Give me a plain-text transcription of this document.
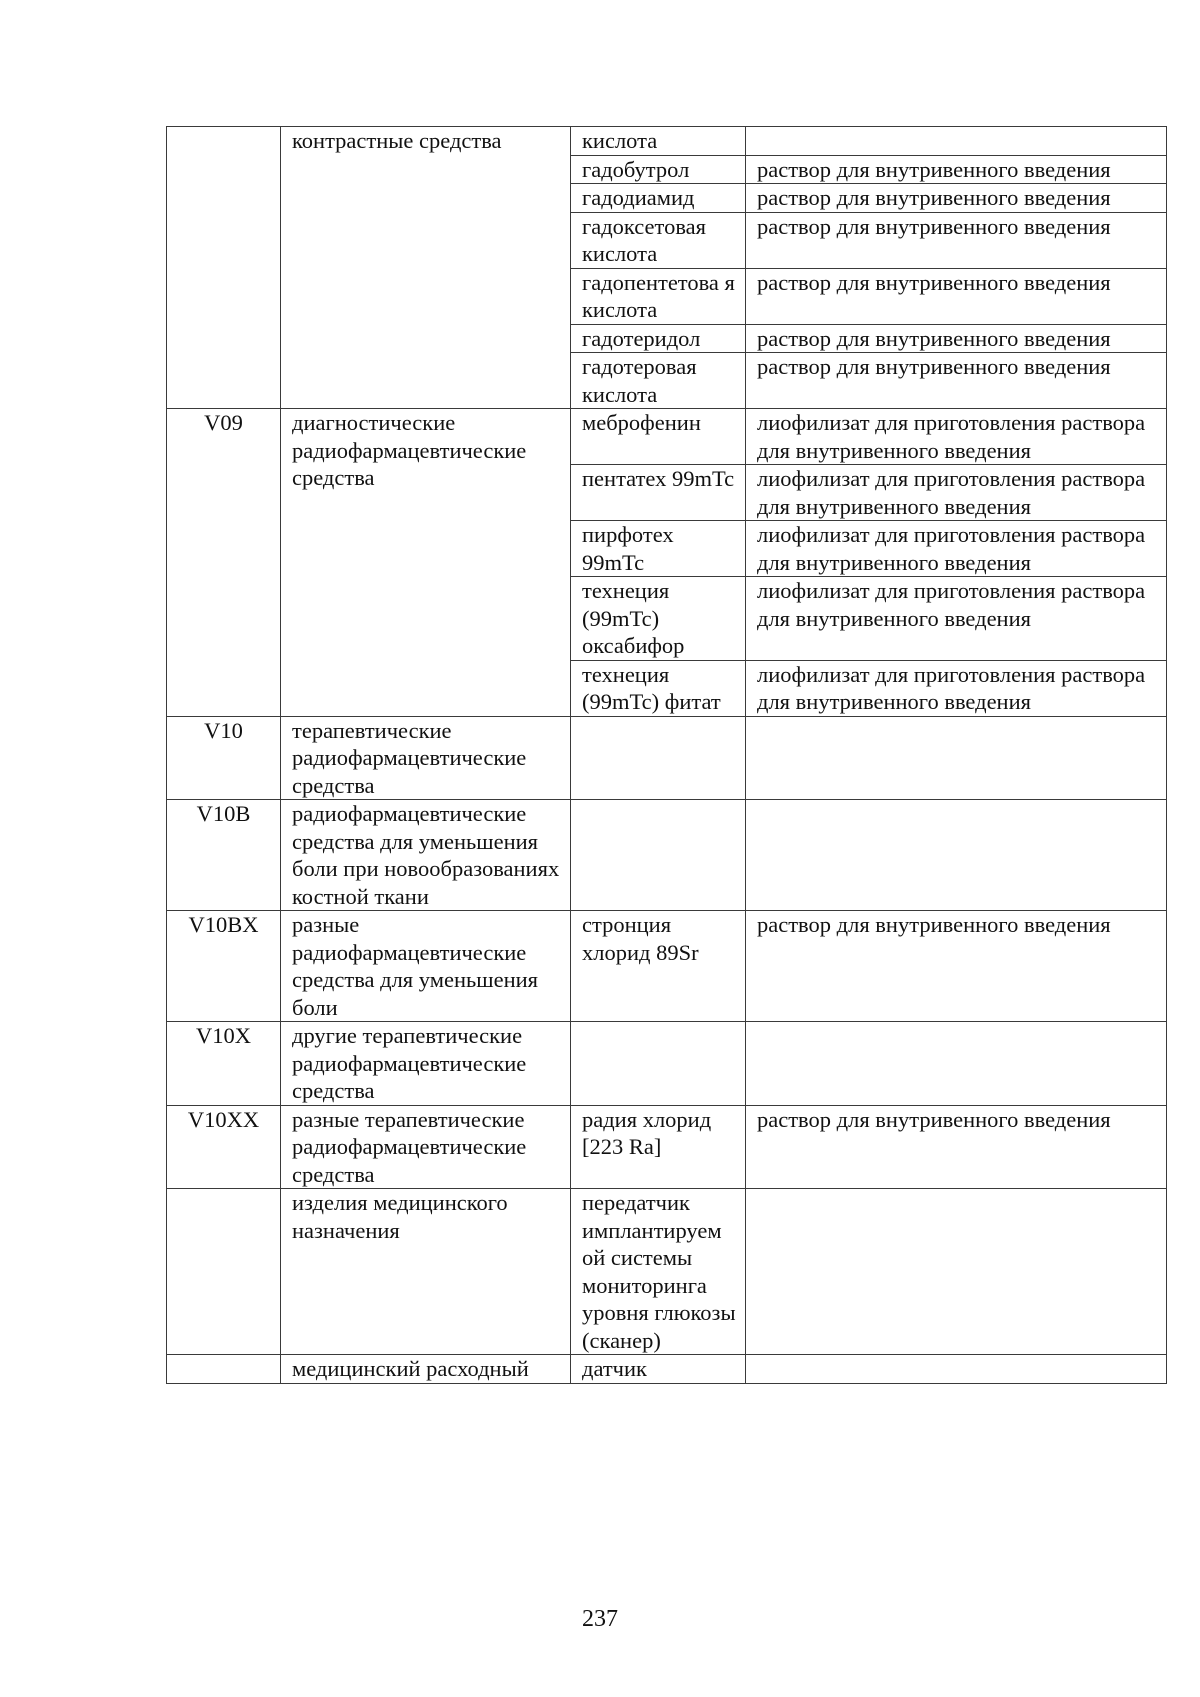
	контрастные средства	кислота	
		гадобутрол	раствор для внутривенного введения
		гадодиамид	раствор для внутривенного введения
		гадоксетовая кислота	раствор для внутривенного введения
		гадопентетова я кислота	раствор для внутривенного введения
		гадотеридол	раствор для внутривенного введения
		гадотеровая кислота	раствор для внутривенного введения
V09	диагностические радиофармацевтические средства	меброфенин	лиофилизат для приготовления раствора для внутривенного введения
		пентатех 99mTc	лиофилизат для приготовления раствора для внутривенного введения
		пирфотех 99mTc	лиофилизат для приготовления раствора для внутривенного введения
		технеция (99mTc) оксабифор	лиофилизат для приготовления раствора для внутривенного введения
		технеция (99mTc) фитат	лиофилизат для приготовления раствора для внутривенного введения
V10	терапевтические радиофармацевтические средства		
V10B	радиофармацевтические средства для уменьшения боли при новообразованиях костной ткани		
V10BX	разные радиофармацевтические средства для уменьшения боли	стронция хлорид 89Sr	раствор для внутривенного введения
V10X	другие терапевтические радиофармацевтические средства		
V10XX	разные терапевтические радиофармацевтические средства	радия хлорид [223 Ra]	раствор для внутривенного введения
	изделия медицинского назначения	передатчик имплантируем ой системы мониторинга уровня глюкозы (сканер)	
	медицинский расходный	датчик	
237
